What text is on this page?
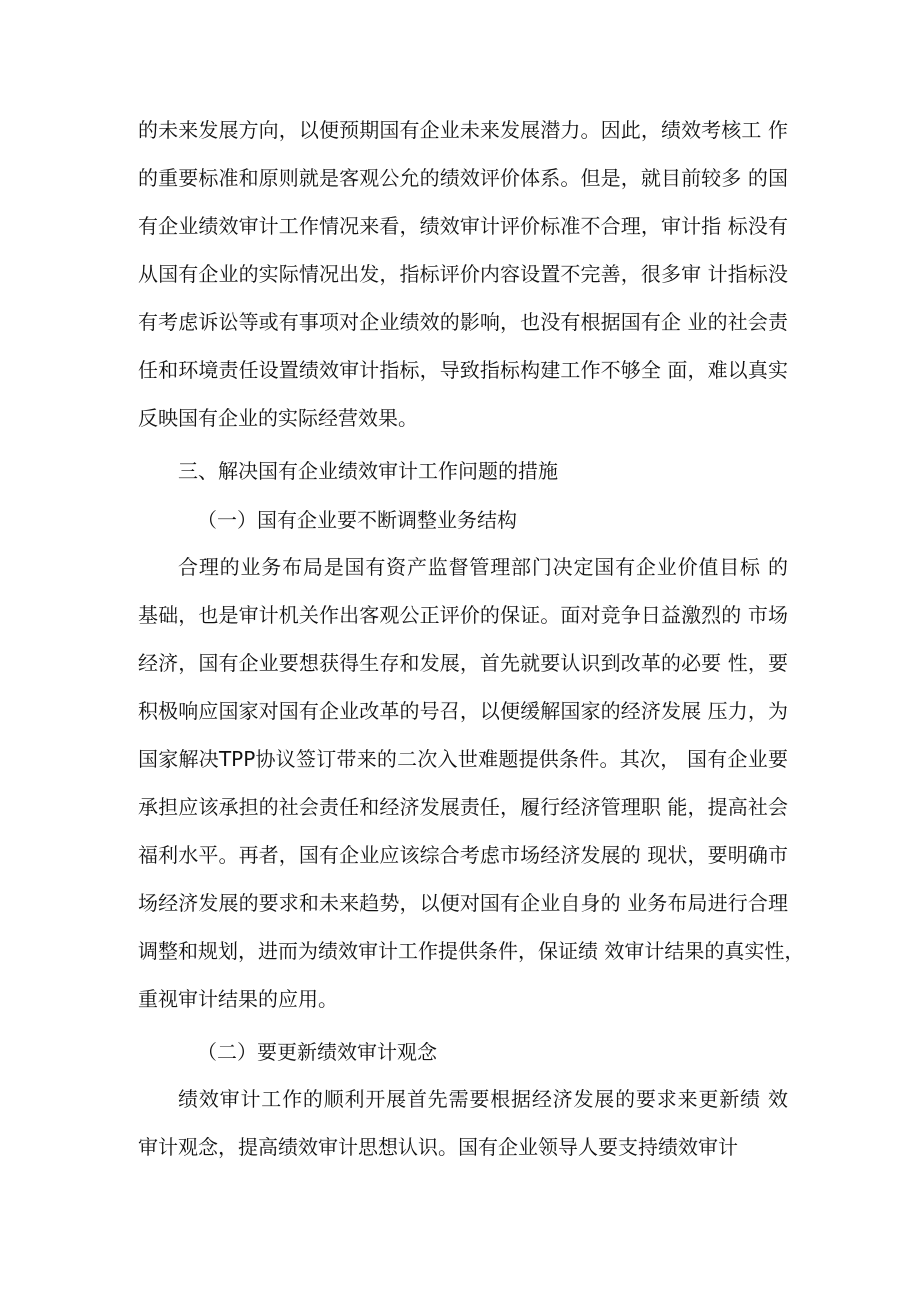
的未来发展方向，以便预期国有企业未来发展潜力。因此，绩效考核工 作
的重要标准和原则就是客观公允的绩效评价体系。但是，就目前较多 的国
有企业绩效审计工作情况来看，绩效审计评价标准不合理，审计指 标没有
从国有企业的实际情况出发，指标评价内容设置不完善，很多审 计指标没
有考虑诉讼等或有事项对企业绩效的影响，也没有根据国有企 业的社会责
任和环境责任设置绩效审计指标，导致指标构建工作不够全 面，难以真实
反映国有企业的实际经营效果。
三、解决国有企业绩效审计工作问题的措施
（一）国有企业要不断调整业务结构
合理的业务布局是国有资产监督管理部门决定国有企业价值目标 的
基础，也是审计机关作出客观公正评价的保证。面对竞争日益激烈的 市场
经济，国有企业要想获得生存和发展，首先就要认识到改革的必要 性，要
积极响应国家对国有企业改革的号召，以便缓解国家的经济发展 压力，为
国家解决TPP协议签订带来的二次入世难题提供条件。其次， 国有企业要
承担应该承担的社会责任和经济发展责任，履行经济管理职 能，提高社会
福利水平。再者，国有企业应该综合考虑市场经济发展的 现状，要明确市
场经济发展的要求和未来趋势，以便对国有企业自身的 业务布局进行合理
调整和规划，进而为绩效审计工作提供条件，保证绩 效审计结果的真实性，
重视审计结果的应用。
（二）要更新绩效审计观念
绩效审计工作的顺利开展首先需要根据经济发展的要求来更新绩 效
审计观念，提高绩效审计思想认识。国有企业领导人要支持绩效审计
